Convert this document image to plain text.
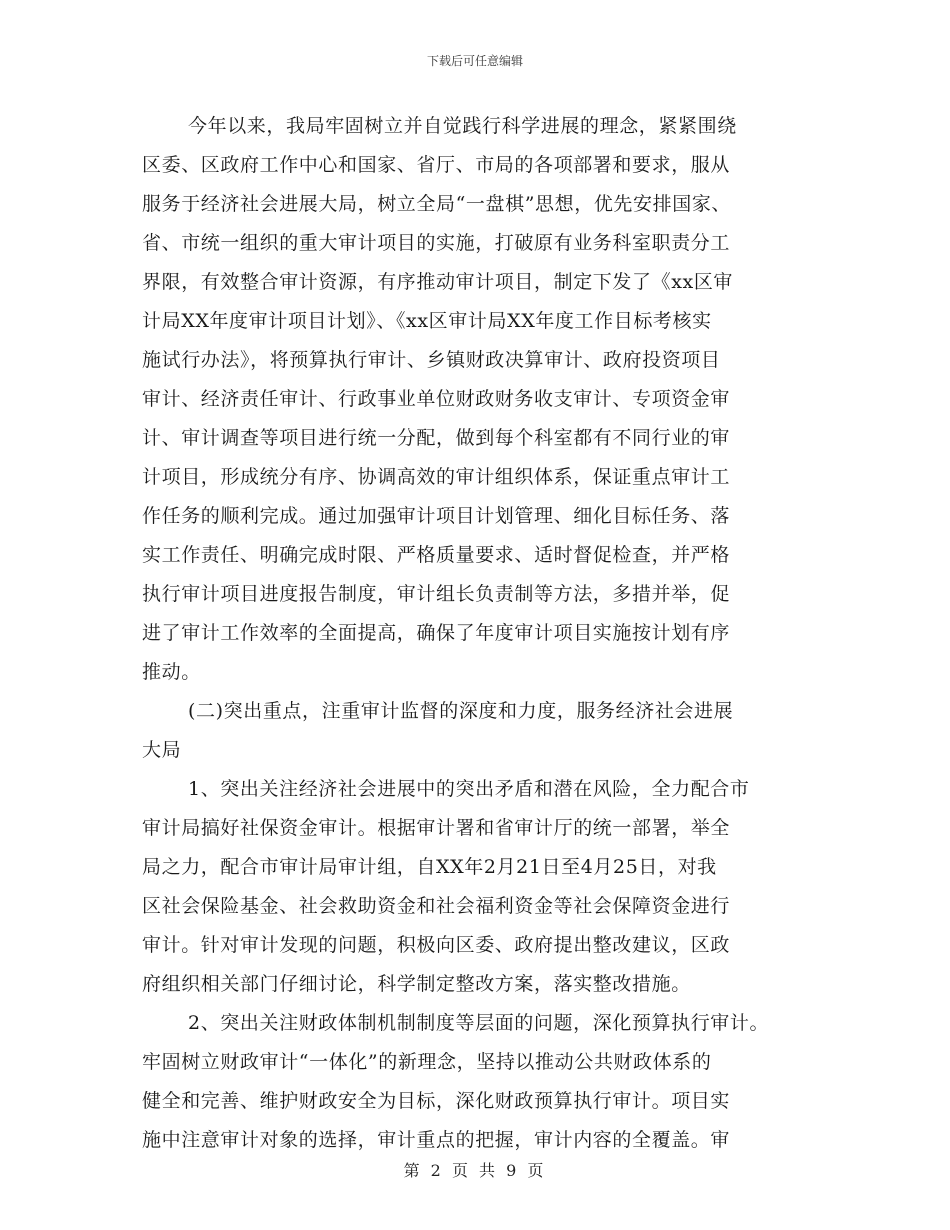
下载后可任意编辑
今年以来，我局牢固树立并自觉践行科学进展的理念，紧紧围绕
区委、区政府工作中心和国家、省厅、市局的各项部署和要求，服从
服务于经济社会进展大局，树立全局“一盘棋”思想，优先安排国家、
省、市统一组织的重大审计项目的实施，打破原有业务科室职责分工
界限，有效整合审计资源，有序推动审计项目，制定下发了《xx区审
计局XX年度审计项目计划》、《xx区审计局XX年度工作目标考核实
施试行办法》，将预算执行审计、乡镇财政决算审计、政府投资项目
审计、经济责任审计、行政事业单位财政财务收支审计、专项资金审
计、审计调查等项目进行统一分配，做到每个科室都有不同行业的审
计项目，形成统分有序、协调高效的审计组织体系，保证重点审计工
作任务的顺利完成。通过加强审计项目计划管理、细化目标任务、落
实工作责任、明确完成时限、严格质量要求、适时督促检查，并严格
执行审计项目进度报告制度，审计组长负责制等方法，多措并举，促
进了审计工作效率的全面提高，确保了年度审计项目实施按计划有序
推动。
(二)突出重点，注重审计监督的深度和力度，服务经济社会进展
大局
1、突出关注经济社会进展中的突出矛盾和潜在风险，全力配合市
审计局搞好社保资金审计。根据审计署和省审计厅的统一部署，举全
局之力，配合市审计局审计组，自XX年2月21日至4月25日，对我
区社会保险基金、社会救助资金和社会福利资金等社会保障资金进行
审计。针对审计发现的问题，积极向区委、政府提出整改建议，区政
府组织相关部门仔细讨论，科学制定整改方案，落实整改措施。
2、突出关注财政体制机制制度等层面的问题，深化预算执行审计。
牢固树立财政审计“一体化”的新理念，坚持以推动公共财政体系的
健全和完善、维护财政安全为目标，深化财政预算执行审计。项目实
施中注意审计对象的选择，审计重点的把握，审计内容的全覆盖。审
第 2 页 共 9 页
